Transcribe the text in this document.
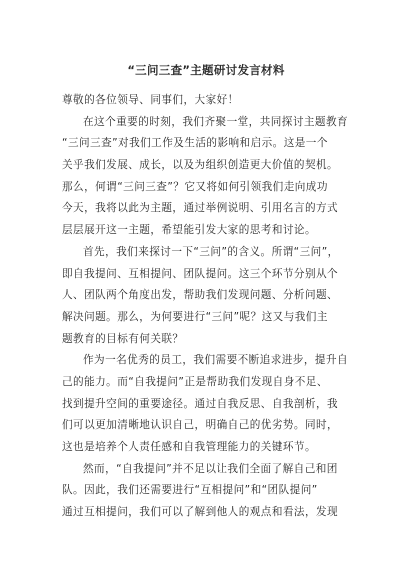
“三问三查”主题研讨发言材料
尊敬的各位领导、同事们，大家好！
在这个重要的时刻，我们齐聚一堂，共同探讨主题教育
“三问三查”对我们工作及生活的影响和启示。这是一个
关乎我们发展、成长，以及为组织创造更大价值的契机。
那么，何谓“三问三查”？它又将如何引领我们走向成功
今天，我将以此为主题，通过举例说明、引用名言的方式
层层展开这一主题，希望能引发大家的思考和讨论。
首先，我们来探讨一下“三问”的含义。所谓“三问”，
即自我提问、互相提问、团队提问。这三个环节分别从个
人、团队两个角度出发，帮助我们发现问题、分析问题、
解决问题。那么，为何要进行“三问”呢？这又与我们主
题教育的目标有何关联？
作为一名优秀的员工，我们需要不断追求进步，提升自
己的能力。而“自我提问”正是帮助我们发现自身不足、
找到提升空间的重要途径。通过自我反思、自我剖析，我
们可以更加清晰地认识自己，明确自己的优劣势。同时，
这也是培养个人责任感和自我管理能力的关键环节。
然而，“自我提问”并不足以让我们全面了解自己和团
队。因此，我们还需要进行“互相提问”和“团队提问”
通过互相提问，我们可以了解到他人的观点和看法，发现
